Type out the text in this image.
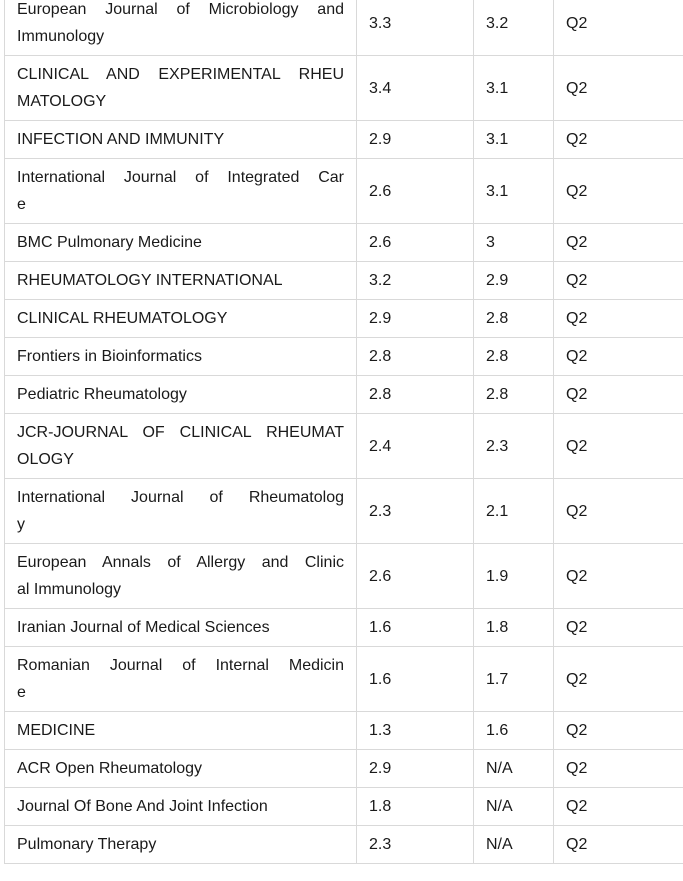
European Journal of Microbiology and
Immunology	3.3	3.2	Q2

CLINICAL AND EXPERIMENTAL RHEU
MATOLOGY	3.4	3.1	Q2

INFECTION AND IMMUNITY	2.9	3.1	Q2

International Journal of Integrated Car
e	2.6	3.1	Q2

BMC Pulmonary Medicine	2.6	3	Q2

RHEUMATOLOGY INTERNATIONAL	3.2	2.9	Q2

CLINICAL RHEUMATOLOGY	2.9	2.8	Q2

Frontiers in Bioinformatics	2.8	2.8	Q2

Pediatric Rheumatology	2.8	2.8	Q2

JCR-JOURNAL OF CLINICAL RHEUMAT
OLOGY	2.4	2.3	Q2

International Journal of Rheumatolog
y	2.3	2.1	Q2

European Annals of Allergy and Clinic
al Immunology	2.6	1.9	Q2

Iranian Journal of Medical Sciences	1.6	1.8	Q2

Romanian Journal of Internal Medicin
e	1.6	1.7	Q2

MEDICINE	1.3	1.6	Q2

ACR Open Rheumatology	2.9	N/A	Q2

Journal Of Bone And Joint Infection	1.8	N/A	Q2

Pulmonary Therapy	2.3	N/A	Q2
